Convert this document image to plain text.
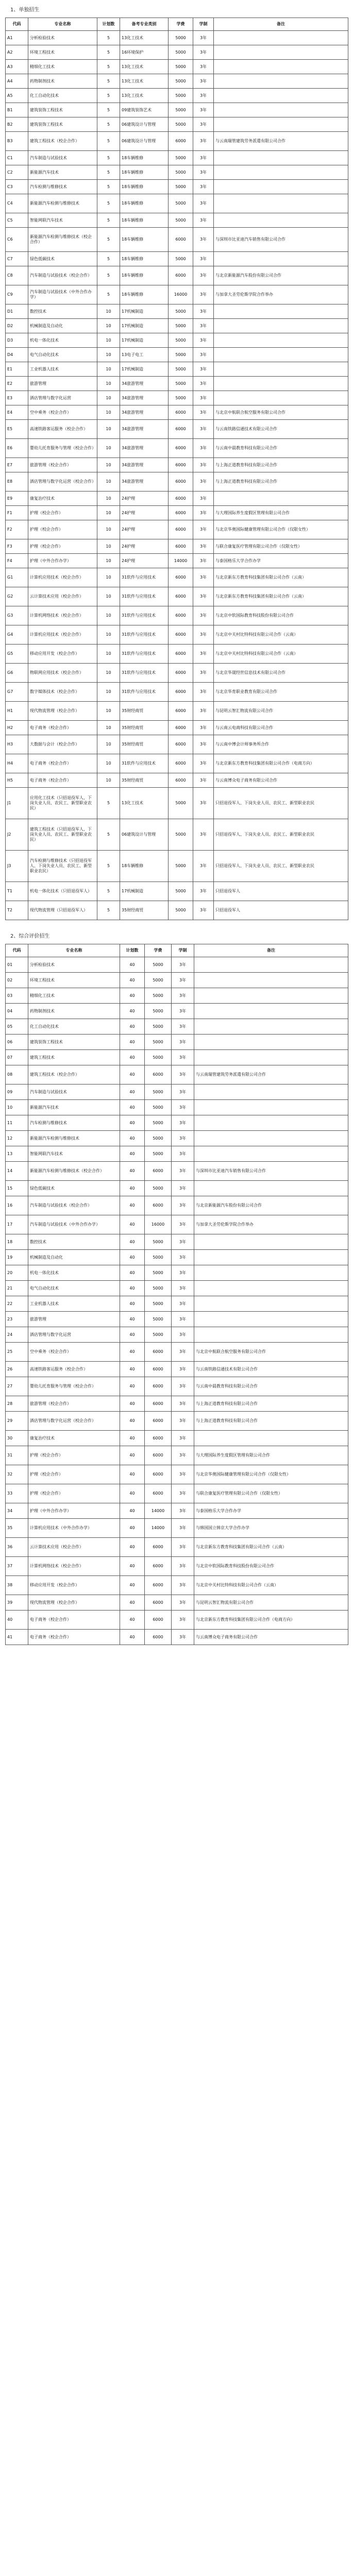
1、单独招生
代码	专业名称	计划数	备考专业类别	学费	学制	备注
A1	分析检验技术	5	13化工技术	5000	3年	
A2	环境工程技术	5	16环境保护	5000	3年	
A3	精细化工技术	5	13化工技术	5000	3年	
A4	药物制剂技术	5	13化工技术	5000	3年	
A5	化工自动化技术	5	13化工技术	5000	3年	
B1	建筑装饰工程技术	5	09建筑装饰艺术	5000	3年	
B2	建筑装饰工程技术	5	06建筑设计与管理	5000	3年	
B3	建筑工程技术（校企合作）	5	06建筑设计与管理	6000	3年	与云南瑞管建筑劳务派遣有限公司合作
C1	汽车制造与试验技术	5	18车辆维修	5000	3年	
C2	新能源汽车技术	5	18车辆维修	5000	3年	
C3	汽车检测与维修技术	5	18车辆维修	5000	3年	
C4	新能源汽车检测与维修技术	5	18车辆维修	5000	3年	
C5	智能网联汽车技术	5	18车辆维修	5000	3年	
C6	新能源汽车检测与维修技术（校企合作）	5	18车辆维修	6000	3年	与深圳市比亚迪汽车销售有限公司合作
C7	绿色低碳技术	5	18车辆维修	5000	3年	
C8	汽车制造与试验技术（校企合作）	5	18车辆维修	6000	3年	与北京新能源汽车股份有限公司合作
C9	汽车制造与试验技术（中外合作办学）	5	18车辆维修	16000	3年	与加拿大圣劳伦斯学院合作举办
D1	数控技术	10	17机械制造	5000	3年	
D2	机械制造及自动化	10	17机械制造	5000	3年	
D3	机电一体化技术	10	17机械制造	5000	3年	
D4	电气自动化技术	10	13电子电工	5000	3年	
E1	工业机器人技术	10	17机械制造	5000	3年	
E2	旅游管理	10	34旅游管理	5000	3年	
E3	酒店管理与数字化运营	10	34旅游管理	5000	3年	
E4	空中乘务（校企合作）	10	34旅游管理	6000	3年	与北京中航联合航空服务有限公司合作
E5	高速铁路客运服务（校企合作）	10	34旅游管理	6000	3年	与云南铁路信通技术有限公司合作
E6	婴幼儿托育服务与管理（校企合作）	10	34旅游管理	6000	3年	与云南中晨教育科技有限公司合作
E7	旅游管理（校企合作）	10	34旅游管理	6000	3年	与上海正道教育科技有限公司合作
E8	酒店管理与数字化运营（校企合作）	10	34旅游管理	6000	3年	与上海正道教育科技有限公司合作
E9	康复治疗技术	10	24护理	6000	3年	
F1	护理（校企合作）	10	24护理	6000	3年	与大理国际养生度假区管理有限公司合作
F2	护理（校企合作）	10	24护理	6000	3年	与北京华奥国际健康管理有限公司合作（仅限女性）
F3	护理（校企合作）	10	24护理	6000	3年	与联合康复医疗管理有限公司合作（仅限女性）
F4	护理（中外合作办学）	10	24护理	14000	3年	与泰国格乐大学合作办学
G1	计算机应用技术（校企合作）	10	31软件与应用技术	6000	3年	与北京新东方教育科技集团有限公司合作（云南）
G2	云计算技术应用（校企合作）	10	31软件与应用技术	6000	3年	与北京新东方教育科技集团有限公司合作（云南）
G3	计算机网络技术（校企合作）	10	31软件与应用技术	6000	3年	与北京中软国际教育科技股份有限公司合作
G4	计算机应用技术（校企合作）	10	31软件与应用技术	6000	3年	与北京中关村比特科技有限公司合作（云南）
G5	移动应用开发（校企合作）	10	31软件与应用技术	6000	3年	与北京中关村比特科技有限公司合作（云南）
G6	物联网应用技术（校企合作）	10	31软件与应用技术	6000	3年	与北京华晟经世信息技术有限公司合作
G7	数字媒体技术（校企合作）	10	31软件与应用技术	6000	3年	与北京华育职业教育有限公司合作
H1	现代物流管理（校企合作）	10	35财经商贸	6000	3年	与昆明云智汇物流有限公司合作
H2	电子商务（校企合作）	10	35财经商贸	6000	3年	与云南云电商科技有限公司合作
H3	大数据与会计（校企合作）	10	35财经商贸	6000	3年	与云南中博会计师事务所合作
H4	电子商务（校企合作）	10	31软件与应用技术	6000	3年	与北京新东方教育科技集团有限公司合作（电商方向）
H5	电子商务（校企合作）	10	35财经商贸	6000	3年	与云南博众电子商务有限公司合作
J1	应用化工技术（只招退役军人、下岗失业人员、农民工、新型职业农民）	5	13化工技术	5000	3年	只招退役军人、下岗失业人员、农民工、新型职业农民
J2	建筑工程技术（只招退役军人、下岗失业人员、农民工、新型职业农民）	5	06建筑设计与管理	5000	3年	只招退役军人、下岗失业人员、农民工、新型职业农民
J3	汽车检测与维修技术（只招退役军人、下岗失业人员、农民工、新型职业农民）	5	18车辆维修	5000	3年	只招退役军人、下岗失业人员、农民工、新型职业农民
T1	机电一体化技术（只招退役军人）	5	17机械制造	5000	3年	只招退役军人
T2	现代物流管理（只招退役军人）	5	35财经商贸	5000	3年	只招退役军人
2、综合评价招生
代码	专业名称	计划数	学费	学制	备注
01	分析检验技术	40	5000	3年	
02	环境工程技术	40	5000	3年	
03	精细化工技术	40	5000	3年	
04	药物制剂技术	40	5000	3年	
05	化工自动化技术	40	5000	3年	
06	建筑装饰工程技术	40	5000	3年	
07	建筑工程技术	40	5000	3年	
08	建筑工程技术（校企合作）	40	6000	3年	与云南瑞管建筑劳务派遣有限公司合作
09	汽车制造与试验技术	40	5000	3年	
10	新能源汽车技术	40	5000	3年	
11	汽车检测与维修技术	40	5000	3年	
12	新能源汽车检测与维修技术	40	5000	3年	
13	智能网联汽车技术	40	5000	3年	
14	新能源汽车检测与维修技术（校企合作）	40	6000	3年	与深圳市比亚迪汽车销售有限公司合作
15	绿色低碳技术	40	5000	3年	
16	汽车制造与试验技术（校企合作）	40	6000	3年	与北京新能源汽车股份有限公司合作
17	汽车制造与试验技术（中外合作办学）	40	16000	3年	与加拿大圣劳伦斯学院合作举办
18	数控技术	40	5000	3年	
19	机械制造及自动化	40	5000	3年	
20	机电一体化技术	40	5000	3年	
21	电气自动化技术	40	5000	3年	
22	工业机器人技术	40	5000	3年	
23	旅游管理	40	5000	3年	
24	酒店管理与数字化运营	40	5000	3年	
25	空中乘务（校企合作）	40	6000	3年	与北京中航联合航空服务有限公司合作
26	高速铁路客运服务（校企合作）	40	6000	3年	与云南铁路信通技术有限公司合作
27	婴幼儿托育服务与管理（校企合作）	40	6000	3年	与云南中晨教育科技有限公司合作
28	旅游管理（校企合作）	40	6000	3年	与上海正道教育科技有限公司合作
29	酒店管理与数字化运营（校企合作）	40	6000	3年	与上海正道教育科技有限公司合作
30	康复治疗技术	40	6000	3年	
31	护理（校企合作）	40	6000	3年	与大理国际养生度假区管理有限公司合作
32	护理（校企合作）	40	6000	3年	与北京华奥国际健康管理有限公司合作（仅限女性）
33	护理（校企合作）	40	6000	3年	与联合康复医疗管理有限公司合作（仅限女性）
34	护理（中外合作办学）	40	14000	3年	与泰国格乐大学合作办学
35	计算机应用技术（中外合作办学）	40	14000	3年	与韩国国立韩京大学合作办学
36	云计算技术应用（校企合作）	40	6000	3年	与北京新东方教育科技集团有限公司合作（云南）
37	计算机网络技术（校企合作）	40	6000	3年	与北京中软国际教育科技股份有限公司合作
38	移动应用开发（校企合作）	40	6000	3年	与北京中关村比特科技有限公司合作（云南）
39	现代物流管理（校企合作）	40	6000	3年	与昆明云智汇物流有限公司合作
40	电子商务（校企合作）	40	6000	3年	与北京新东方教育科技集团有限公司合作（电商方向）
41	电子商务（校企合作）	40	6000	3年	与云南博众电子商务有限公司合作
